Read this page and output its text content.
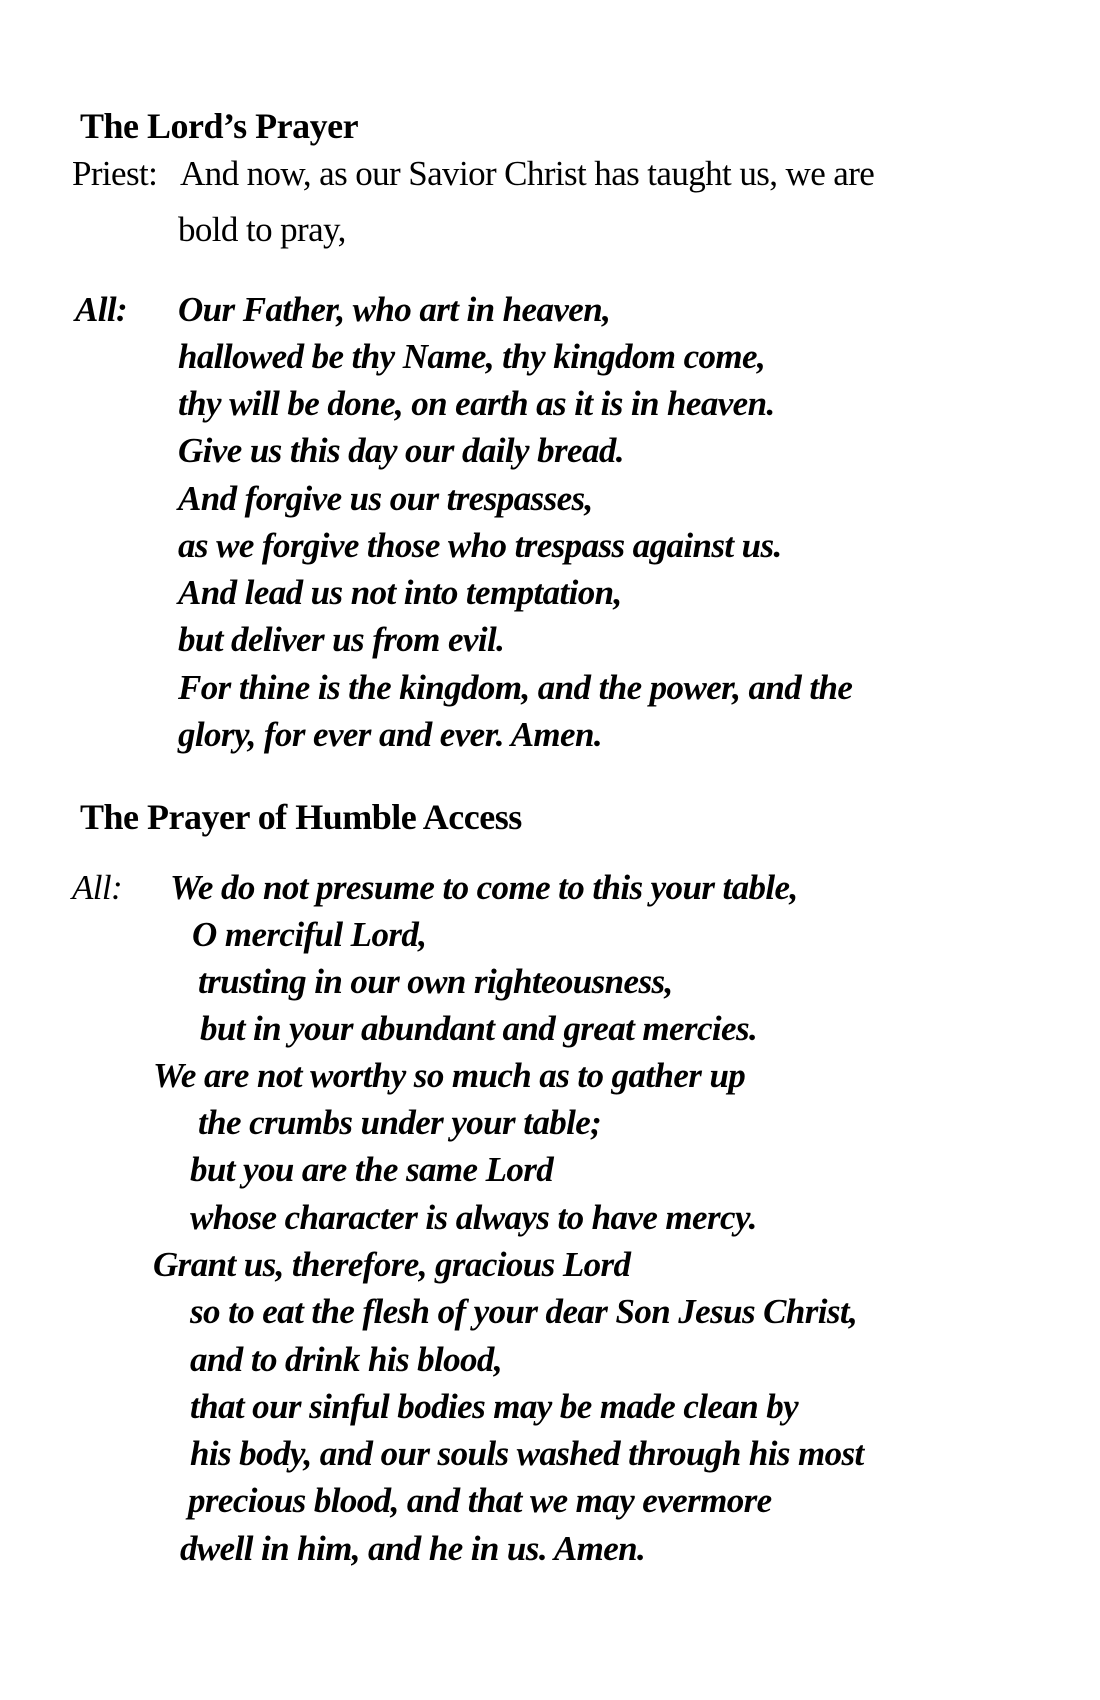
The Lord’s Prayer
Priest: And now, as our Savior Christ has taught us, we are
bold to pray,
All: Our Father, who art in heaven,
hallowed be thy Name, thy kingdom come,
thy will be done, on earth as it is in heaven.
Give us this day our daily bread.
And forgive us our trespasses,
as we forgive those who trespass against us.
And lead us not into temptation,
but deliver us from evil.
For thine is the kingdom, and the power, and the
glory, for ever and ever. Amen.
The Prayer of Humble Access
All: We do not presume to come to this your table,
O merciful Lord,
trusting in our own righteousness,
but in your abundant and great mercies.
We are not worthy so much as to gather up
the crumbs under your table;
but you are the same Lord
whose character is always to have mercy.
Grant us, therefore, gracious Lord
so to eat the flesh of your dear Son Jesus Christ,
and to drink his blood,
that our sinful bodies may be made clean by
his body, and our souls washed through his most
precious blood, and that we may evermore
dwell in him, and he in us. Amen.
